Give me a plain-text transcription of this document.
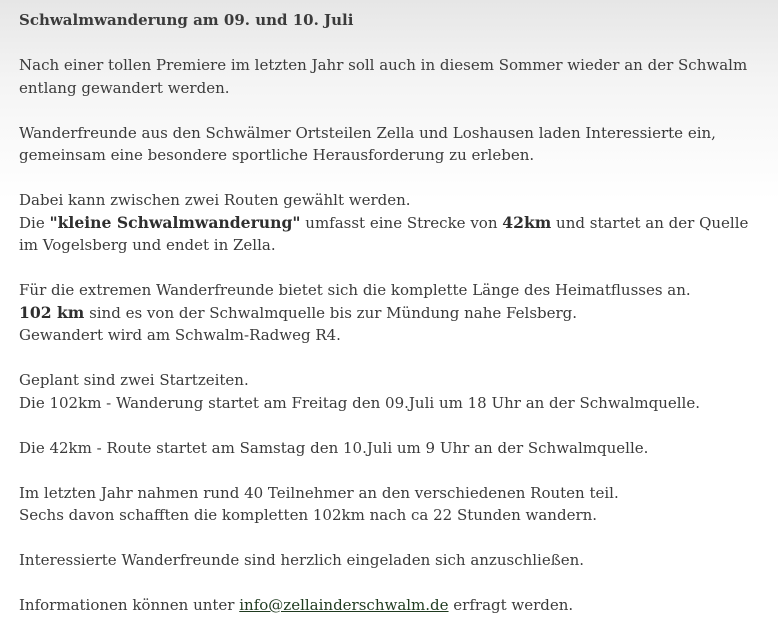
Schwalmwanderung am 09. und 10. Juli

Nach einer tollen Premiere im letzten Jahr soll auch in diesem Sommer wieder an der Schwalm entlang gewandert werden.

Wanderfreunde aus den Schwälmer Ortsteilen Zella und Loshausen laden Interessierte ein, gemeinsam eine besondere sportliche Herausforderung zu erleben.

Dabei kann zwischen zwei Routen gewählt werden.
Die "kleine Schwalmwanderung" umfasst eine Strecke von 42km und startet an der Quelle im Vogelsberg und endet in Zella.

Für die extremen Wanderfreunde bietet sich die komplette Länge des Heimatflusses an.
102 km sind es von der Schwalmquelle bis zur Mündung nahe Felsberg.
Gewandert wird am Schwalm-Radweg R4.

Geplant sind zwei Startzeiten.
Die 102km - Wanderung startet am Freitag den 09.Juli um 18 Uhr an der Schwalmquelle.

Die 42km - Route startet am Samstag den 10.Juli um 9 Uhr an der Schwalmquelle.

Im letzten Jahr nahmen rund 40 Teilnehmer an den verschiedenen Routen teil.
Sechs davon schafften die kompletten 102km nach ca 22 Stunden wandern.

Interessierte Wanderfreunde sind herzlich eingeladen sich anzuschließen.

Informationen können unter info@zellainderschwalm.de erfragt werden.
